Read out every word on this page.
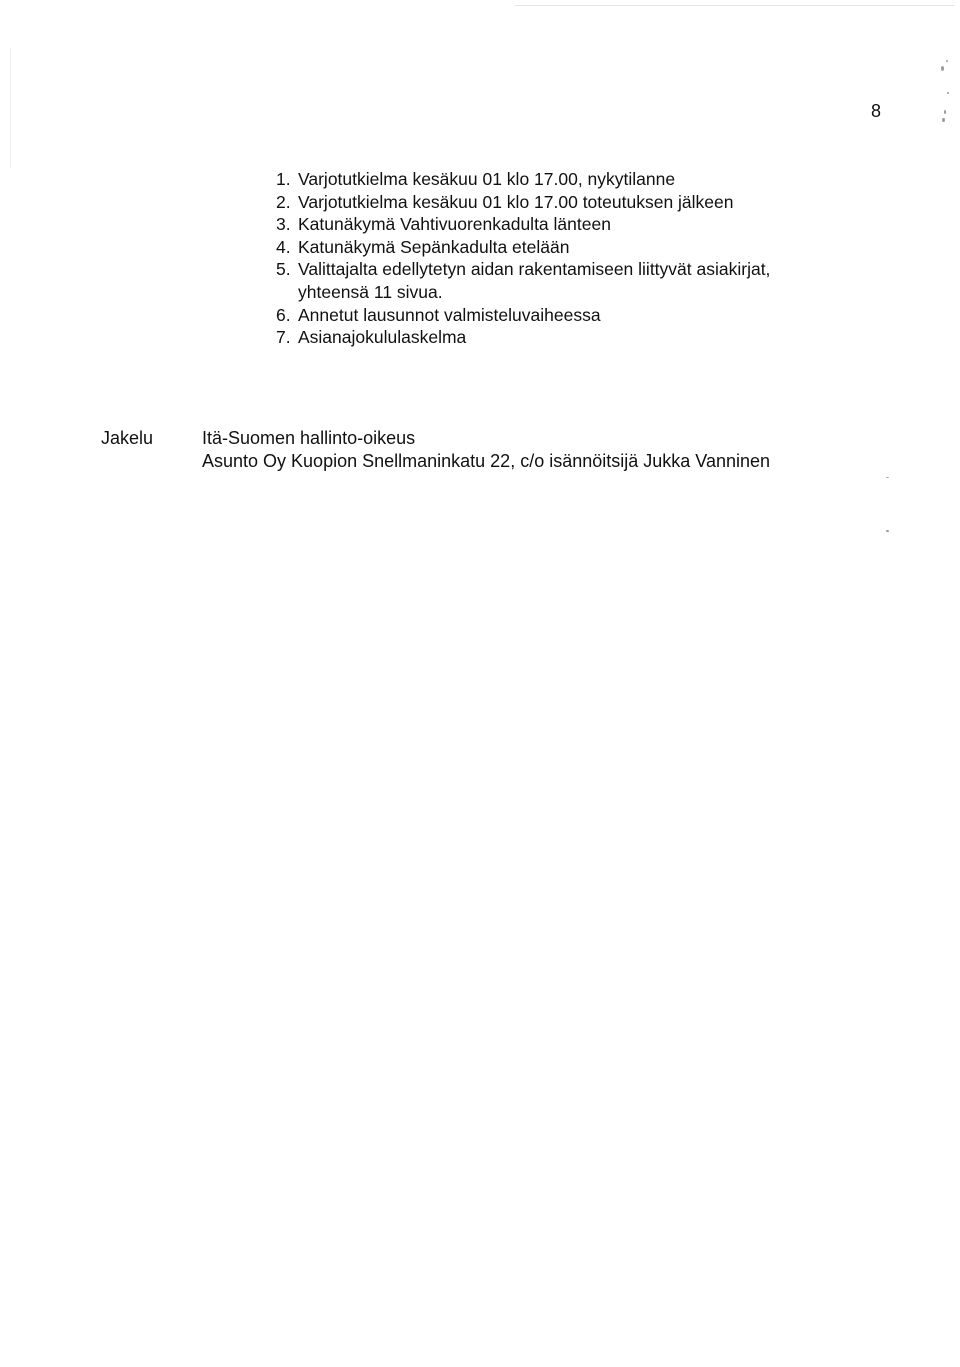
8
1. Varjotutkielma kesäkuu 01 klo 17.00, nykytilanne
2. Varjotutkielma kesäkuu 01 klo 17.00 toteutuksen jälkeen
3. Katunäkymä Vahtivuorenkadulta länteen
4. Katunäkymä Sepänkadulta etelään
5. Valittajalta edellytetyn aidan rakentamiseen liittyvät asiakirjat,
yhteensä 11 sivua.
6. Annetut lausunnot valmisteluvaiheessa
7. Asianajokululaskelma
Jakelu	Itä-Suomen hallinto-oikeus
Asunto Oy Kuopion Snellmaninkatu 22, c/o isännöitsijä Jukka Vanninen
